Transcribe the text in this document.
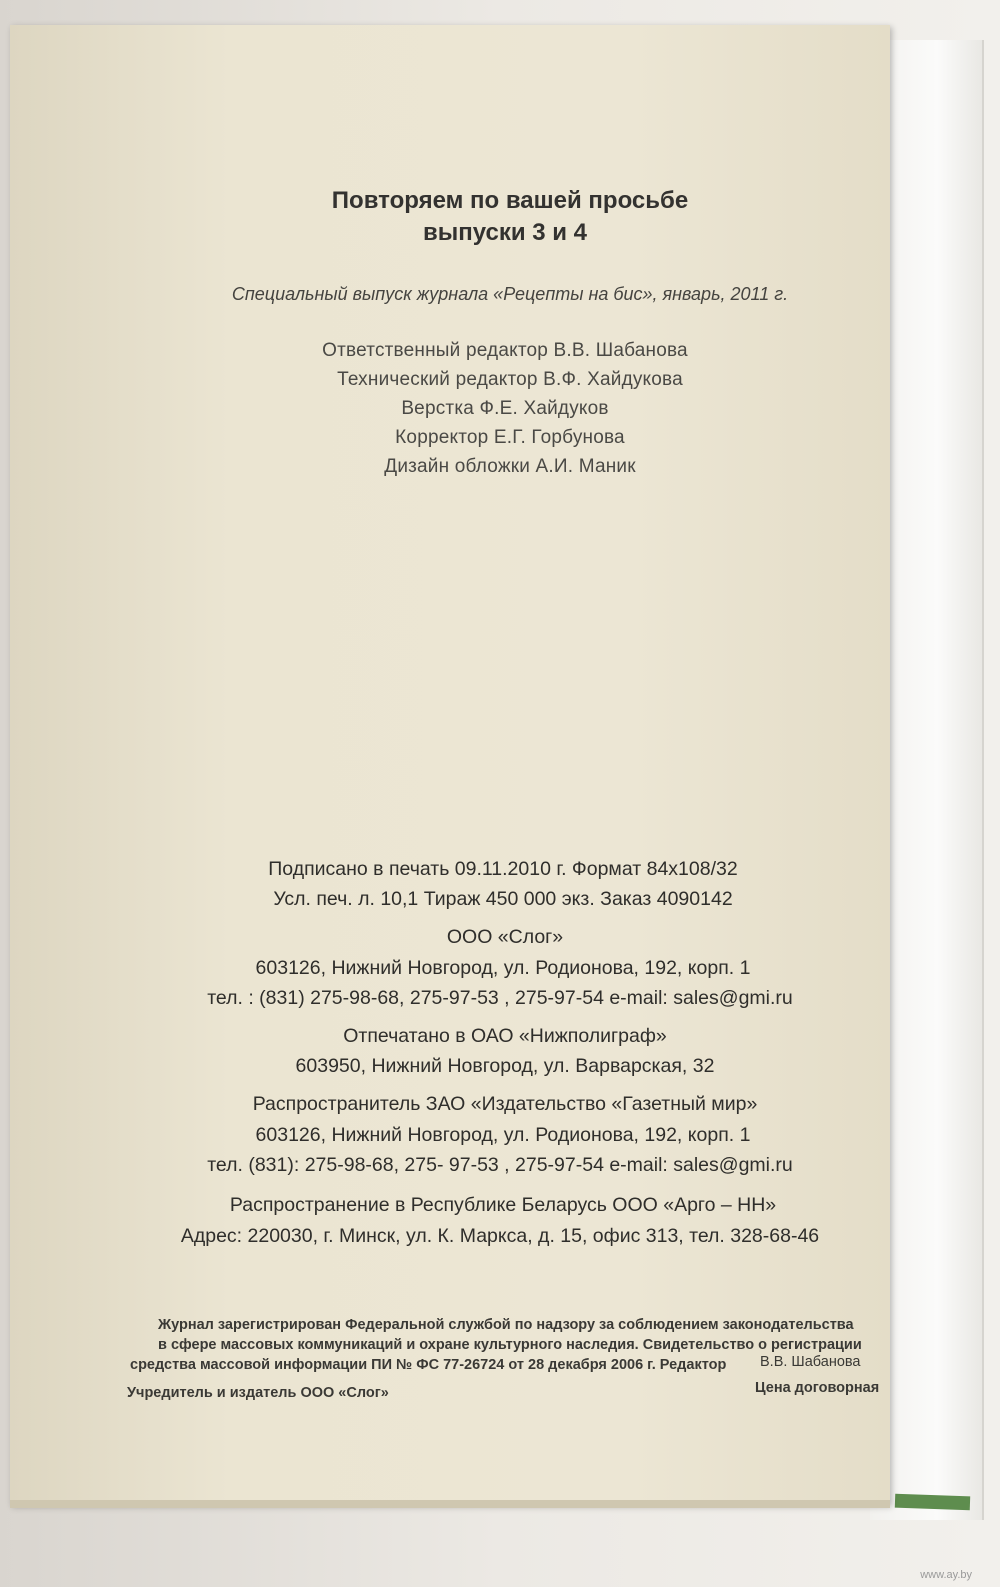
Повторяем по вашей просьбе
выпуски 3 и 4
Специальный выпуск журнала «Рецепты на бис», январь, 2011 г.
Ответственный редактор В.В. Шабанова
Технический редактор В.Ф. Хайдукова
Верстка Ф.Е. Хайдуков
Корректор Е.Г. Горбунова
Дизайн обложки А.И. Маник
Подписано в печать 09.11.2010 г. Формат 84х108/32
Усл. печ. л. 10,1 Тираж 450 000 экз. Заказ 4090142
ООО «Слог»
603126, Нижний Новгород, ул. Родионова, 192, корп. 1
тел. : (831) 275-98-68, 275-97-53 , 275-97-54 e-mail: sales@gmi.ru
Отпечатано в ОАО «Нижполиграф»
603950, Нижний Новгород, ул. Варварская, 32
Распространитель ЗАО «Издательство «Газетный мир»
603126, Нижний Новгород, ул. Родионова, 192, корп. 1
тел. (831): 275-98-68, 275- 97-53 , 275-97-54 e-mail: sales@gmi.ru
Распространение в Республике Беларусь ООО «Арго – НН»
Адрес: 220030, г. Минск, ул. К. Маркса, д. 15, офис 313, тел. 328-68-46
Журнал зарегистрирован Федеральной службой по надзору за соблюдением законодательства
в сфере массовых коммуникаций и охране культурного наследия. Свидетельство о регистрации
средства массовой информации ПИ № ФС 77-26724 от 28 декабря 2006 г. Редактор В.В. Шабанова
Учредитель и издатель ООО «Слог»	Цена договорная
www.ay.by
